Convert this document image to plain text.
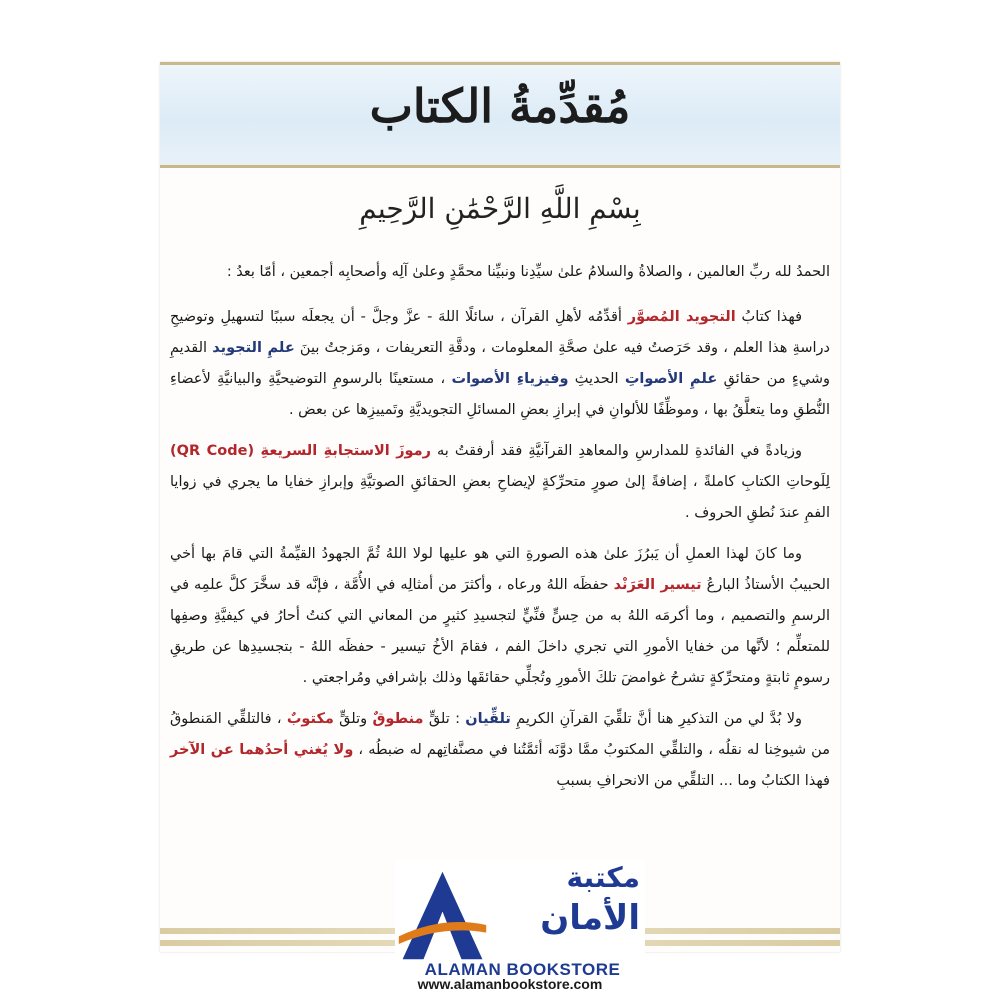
مُقدِّمةُ الكتاب
بِسْمِ اللَّهِ الرَّحْمَٰنِ الرَّحِيمِ

الحمدُ لله ربِّ العالمين ، والصلاةُ والسلامُ علىٰ سيِّدِنا ونبيِّنا محمَّدٍ وعلىٰ آلِه وأصحابِه أجمعين ، أمّا بعدُ :

فهذا كتابُ التجويد المُصوَّر أقدِّمُه لأهلِ القرآن ، سائلًا اللهَ - عزَّ وجلَّ - أن يجعلَه سببًا لتسهيلِ وتوضيحِ دراسةِ هذا العلم ، وقد حَرَصتُ فيه علىٰ صحَّةِ المعلومات ، ودقَّةِ التعريفات ، ومَزجتُ بينَ علمِ التجويد القديمِ وشيءٍ من حقائقِ علمِ الأصواتِ الحديثِ وفيزياءِ الأصوات ، مستعينًا بالرسومِ التوضيحيَّةِ والبيانيَّةِ لأعضاءِ النُّطقِ وما يتعلَّقُ بها ، وموظِّفًا للألوانِ في إبرازِ بعضِ المسائلِ التجويديَّةِ وتَمييزِها عن بعض .

وزيادةً في الفائدةِ للمدارسِ والمعاهدِ القرآنيَّةِ فقد أرفقتُ به رموزَ الاستجابةِ السريعةِ (QR Code) لِلَوحاتِ الكتابِ كاملةً ، إضافةً إلىٰ صورٍ متحرِّكةٍ لإيضاحِ بعضِ الحقائقِ الصوتيَّةِ وإبرازِ خفايا ما يجري في زوايا الفمِ عندَ نُطقِ الحروف .

وما كانَ لهذا العملِ أن يَبرُزَ علىٰ هذه الصورةِ التي هو عليها لولا اللهُ ثُمَّ الجهودُ القيِّمةُ التي قامَ بها أخي الحبيبُ الأستاذُ البارعُ تيسير العَرَنْد حفظَه اللهُ ورعاه ، وأكثرَ من أمثالِه في الأُمَّة ، فإنَّه قد سخَّرَ كلَّ علمِه في الرسمِ والتصميم ، وما أكرمَه اللهُ به من حِسٍّ فنِّيٍّ لتجسيدِ كثيرٍ من المعاني التي كنتُ أحارُ في كيفيَّةِ وصفِها للمتعلِّم ؛ لأنَّها من خفايا الأمورِ التي تجري داخلَ الفم ، فقامَ الأخُ تيسير - حفظَه اللهُ - بتجسيدِها عن طريقِ رسومٍ ثابتةٍ ومتحرِّكةٍ تشرحُ غوامضَ تلكَ الأمورِ وتُجلِّي حقائقَها وذلك بإشرافي ومُراجعتي .

ولا بُدَّ لي من التذكيرِ هنا أنَّ تلقِّيَ القرآنِ الكريمِ تلقِّيان : تلقٍّ منطوقٌ وتلقٍّ مكتوبٌ ، فالتلقِّي المَنطوقُ من شيوخِنا له نقلُه ، والتلقِّي المكتوبُ ممَّا دوَّنَه أئمَّتُنا في مصنَّفاتِهم له ضبطُه ، ولا يُغني أحدُهما عن الآخر فهذا الكتابُ وما ... التلقِّي من الانحرافِ بسببِ

مكتبة
الأمان
ALAMAN BOOKSTORE
www.alamanbookstore.com
